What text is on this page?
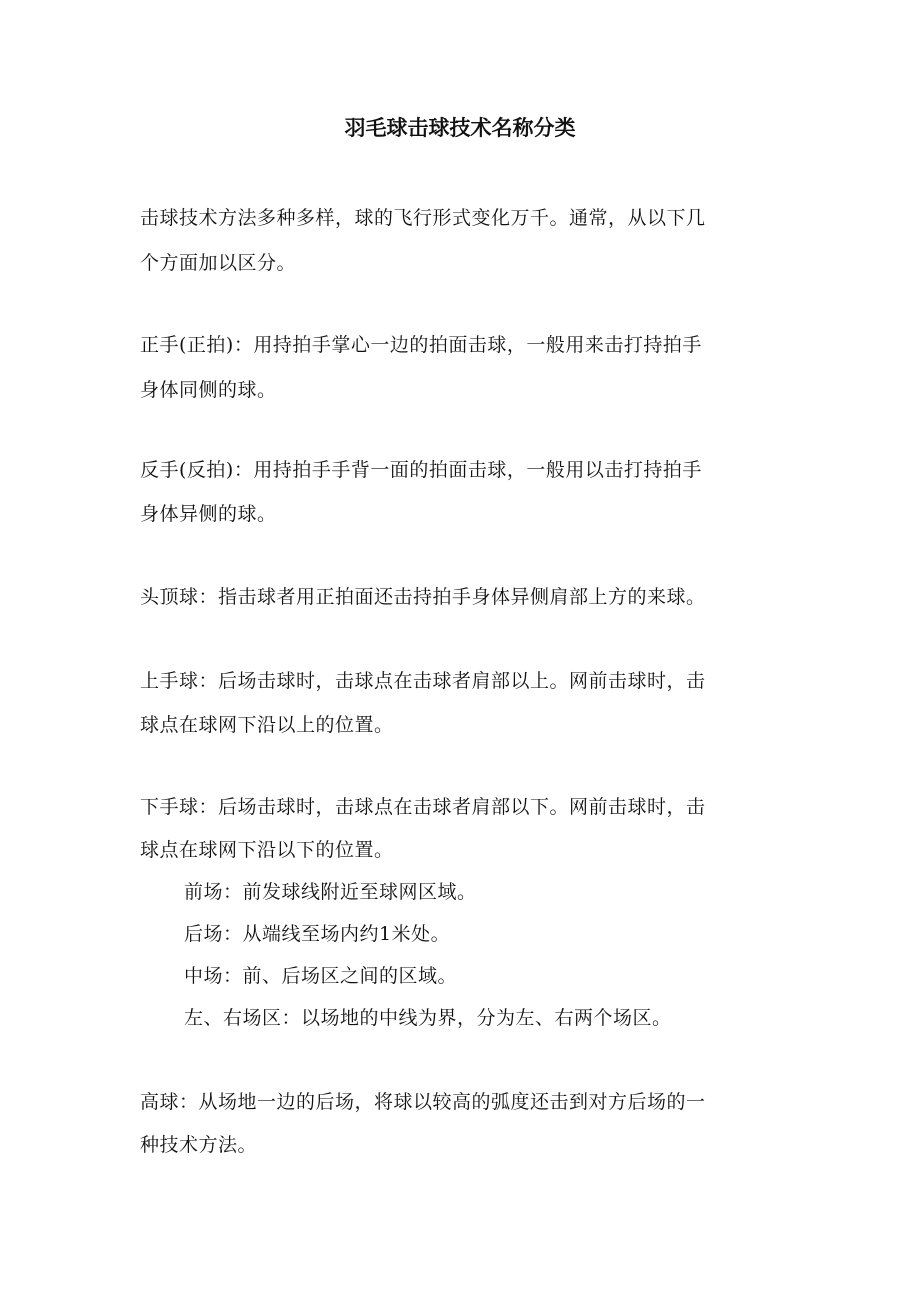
羽毛球击球技术名称分类
击球技术方法多种多样，球的飞行形式变化万千。通常，从以下几
个方面加以区分。
正手(正拍)：用持拍手掌心一边的拍面击球，一般用来击打持拍手
身体同侧的球。
反手(反拍)：用持拍手手背一面的拍面击球，一般用以击打持拍手
身体异侧的球。
头顶球：指击球者用正拍面还击持拍手身体异侧肩部上方的来球。
上手球：后场击球时，击球点在击球者肩部以上。网前击球时，击
球点在球网下沿以上的位置。
下手球：后场击球时，击球点在击球者肩部以下。网前击球时，击
球点在球网下沿以下的位置。
前场：前发球线附近至球网区域。
后场：从端线至场内约1米处。
中场：前、后场区之间的区域。
左、右场区：以场地的中线为界，分为左、右两个场区。
高球：从场地一边的后场，将球以较高的弧度还击到对方后场的一
种技术方法。
